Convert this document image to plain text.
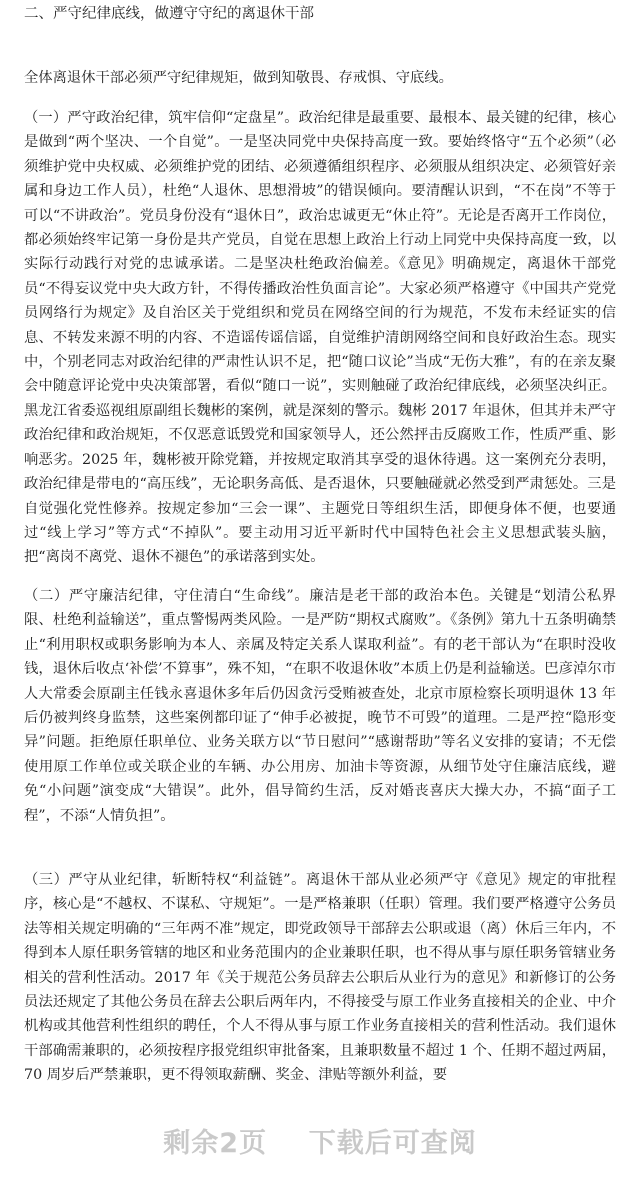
二、严守纪律底线，做遵守守纪的离退休干部

全体离退休干部必须严守纪律规矩，做到知敬畏、存戒惧、守底线。

（一）严守政治纪律，筑牢信仰“定盘星”。政治纪律是最重要、最根本、最关键的纪律，核心是做到“两个坚决、一个自觉”。一是坚决同党中央保持高度一致。要始终恪守“五个必须”（必须维护党中央权威、必须维护党的团结、必须遵循组织程序、必须服从组织决定、必须管好亲属和身边工作人员），杜绝“人退休、思想滑坡”的错误倾向。要清醒认识到，“不在岗”不等于可以“不讲政治”。党员身份没有“退休日”，政治忠诚更无“休止符”。无论是否离开工作岗位，都必须始终牢记第一身份是共产党员，自觉在思想上政治上行动上同党中央保持高度一致，以实际行动践行对党的忠诚承诺。二是坚决杜绝政治偏差。《意见》明确规定，离退休干部党员“不得妄议党中央大政方针，不得传播政治性负面言论”。大家必须严格遵守《中国共产党党员网络行为规定》及自治区关于党组织和党员在网络空间的行为规范，不发布未经证实的信息、不转发来源不明的内容、不造谣传谣信谣，自觉维护清朗网络空间和良好政治生态。现实中，个别老同志对政治纪律的严肃性认识不足，把“随口议论”当成“无伤大雅”，有的在亲友聚会中随意评论党中央决策部署，看似“随口一说”，实则触碰了政治纪律底线，必须坚决纠正。黑龙江省委巡视组原副组长魏彬的案例，就是深刻的警示。魏彬 2017 年退休，但其并未严守政治纪律和政治规矩，不仅恶意诋毁党和国家领导人，还公然抨击反腐败工作，性质严重、影响恶劣。2025 年，魏彬被开除党籍，并按规定取消其享受的退休待遇。这一案例充分表明，政治纪律是带电的“高压线”，无论职务高低、是否退休，只要触碰就必然受到严肃惩处。三是自觉强化党性修养。按规定参加“三会一课”、主题党日等组织生活，即便身体不便，也要通过“线上学习”等方式“不掉队”。要主动用习近平新时代中国特色社会主义思想武装头脑，把“离岗不离党、退休不褪色”的承诺落到实处。

（二）严守廉洁纪律，守住清白“生命线”。廉洁是老干部的政治本色。关键是“划清公私界限、杜绝利益输送”，重点警惕两类风险。一是严防“期权式腐败”。《条例》第九十五条明确禁止“利用职权或职务影响为本人、亲属及特定关系人谋取利益”。有的老干部认为“在职时没收钱，退休后收点‘补偿’不算事”，殊不知，“在职不收退休收”本质上仍是利益输送。巴彦淖尔市人大常委会原副主任钱永喜退休多年后仍因贪污受贿被查处，北京市原检察长项明退休 13 年后仍被判终身监禁，这些案例都印证了“伸手必被捉，晚节不可毁”的道理。二是严控“隐形变异”问题。拒绝原任职单位、业务关联方以“节日慰问”“感谢帮助”等名义安排的宴请；不无偿使用原工作单位或关联企业的车辆、办公用房、加油卡等资源，从细节处守住廉洁底线，避免“小问题”演变成“大错误”。此外，倡导简约生活，反对婚丧喜庆大操大办，不搞“面子工程”，不添“人情负担”。

（三）严守从业纪律，斩断特权“利益链”。离退休干部从业必须严守《意见》规定的审批程序，核心是“不越权、不谋私、守规矩”。一是严格兼职（任职）管理。我们要严格遵守公务员法等相关规定明确的“三年两不准”规定，即党政领导干部辞去公职或退（离）休后三年内，不得到本人原任职务管辖的地区和业务范围内的企业兼职任职，也不得从事与原任职务管辖业务相关的营利性活动。2017 年《关于规范公务员辞去公职后从业行为的意见》和新修订的公务员法还规定了其他公务员在辞去公职后两年内，不得接受与原工作业务直接相关的企业、中介机构或其他营利性组织的聘任，个人不得从事与原工作业务直接相关的营利性活动。我们退休干部确需兼职的，必须按程序报党组织审批备案，且兼职数量不超过 1 个、任期不超过两届，70 周岁后严禁兼职，更不得领取薪酬、奖金、津贴等额外利益，要

剩余2页
下载后可查阅
